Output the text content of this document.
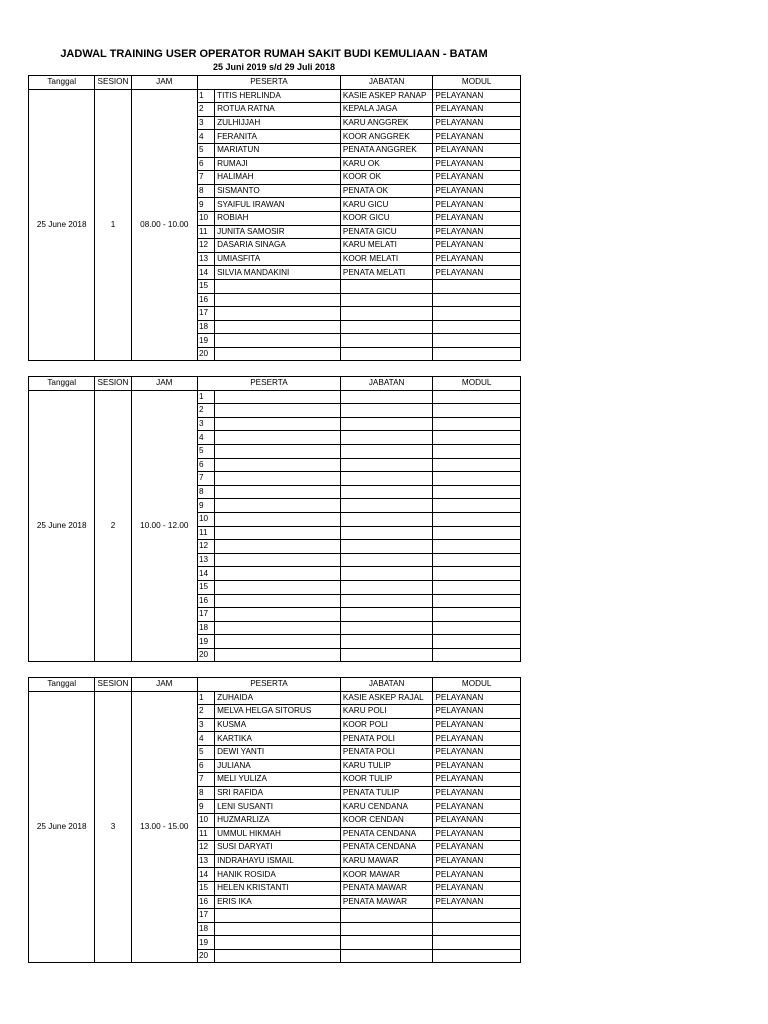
JADWAL TRAINING USER OPERATOR RUMAH SAKIT BUDI KEMULIAAN - BATAM
25 Juni 2019 s/d 29 Juli 2018
Tanggal	SESION	JAM	PESERTA		JABATAN	MODUL
25 June 2018	1	08.00 - 10.00	1	TITIS HERLINDA	KASIE ASKEP RANAP	PELAYANAN
			2	ROTUA RATNA	KEPALA JAGA	PELAYANAN
			3	ZULHIJJAH	KARU ANGGREK	PELAYANAN
			4	FERANITA	KOOR ANGGREK	PELAYANAN
			5	MARIATUN	PENATA ANGGREK	PELAYANAN
			6	RUMAJI	KARU OK	PELAYANAN
			7	HALIMAH	KOOR OK	PELAYANAN
			8	SISMANTO	PENATA OK	PELAYANAN
			9	SYAIFUL IRAWAN	KARU GICU	PELAYANAN
			10	ROBIAH	KOOR GICU	PELAYANAN
			11	JUNITA SAMOSIR	PENATA GICU	PELAYANAN
			12	DASARIA SINAGA	KARU MELATI	PELAYANAN
			13	UMIASFITA	KOOR MELATI	PELAYANAN
			14	SILVIA MANDAKINI	PENATA MELATI	PELAYANAN
			15			
			16			
			17			
			18			
			19			
			20			
Tanggal	SESION	JAM	PESERTA		JABATAN	MODUL
25 June 2018	2	10.00 - 12.00	1			
			2			
			3			
			4			
			5			
			6			
			7			
			8			
			9			
			10			
			11			
			12			
			13			
			14			
			15			
			16			
			17			
			18			
			19			
			20			
Tanggal	SESION	JAM	PESERTA		JABATAN	MODUL
25 June 2018	3	13.00 - 15.00	1	ZUHAIDA	KASIE ASKEP RAJAL	PELAYANAN
			2	MELVA HELGA SITORUS	KARU POLI	PELAYANAN
			3	KUSMA	KOOR POLI	PELAYANAN
			4	KARTIKA	PENATA POLI	PELAYANAN
			5	DEWI YANTI	PENATA POLI	PELAYANAN
			6	JULIANA	KARU TULIP	PELAYANAN
			7	MELI YULIZA	KOOR TULIP	PELAYANAN
			8	SRI RAFIDA	PENATA TULIP	PELAYANAN
			9	LENI SUSANTI	KARU CENDANA	PELAYANAN
			10	HUZMARLIZA	KOOR CENDAN	PELAYANAN
			11	UMMUL HIKMAH	PENATA CENDANA	PELAYANAN
			12	SUSI DARYATI	PENATA CENDANA	PELAYANAN
			13	INDRAHAYU ISMAIL	KARU MAWAR	PELAYANAN
			14	HANIK ROSIDA	KOOR MAWAR	PELAYANAN
			15	HELEN KRISTANTI	PENATA MAWAR	PELAYANAN
			16	ERIS IKA	PENATA MAWAR	PELAYANAN
			17			
			18			
			19			
			20			
